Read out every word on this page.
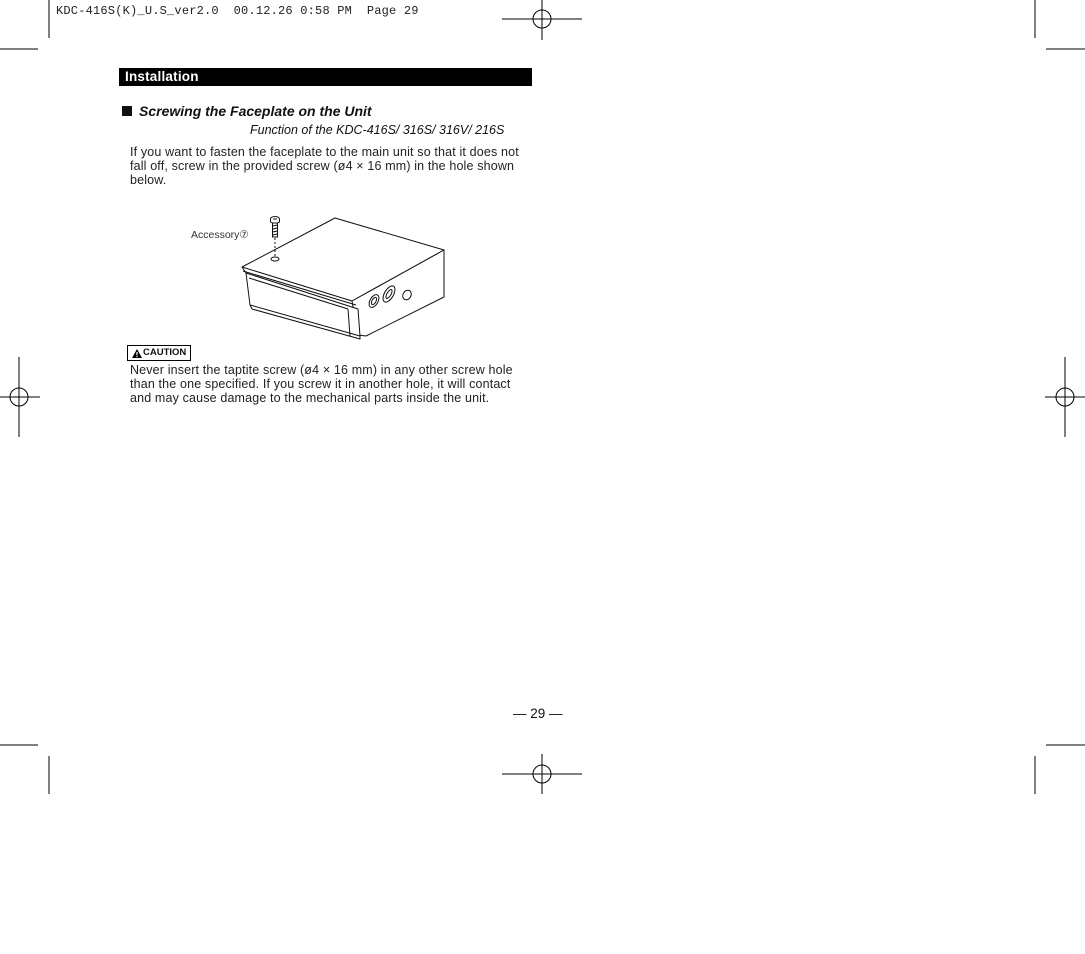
KDC-416S(K)_U.S_ver2.0  00.12.26 0:58 PM  Page 29
Installation
Screwing the Faceplate on the Unit
Function of the KDC-416S/ 316S/ 316V/ 216S
If you want to fasten the faceplate to the main unit so that it does not fall off, screw in the provided screw (ø4 × 16 mm) in the hole shown below.
Accessory⑦
CAUTION
Never insert the taptite screw (ø4 × 16 mm) in any other screw hole than the one specified. If you screw it in another hole, it will contact and may cause damage to the mechanical parts inside the unit.
— 29 —
